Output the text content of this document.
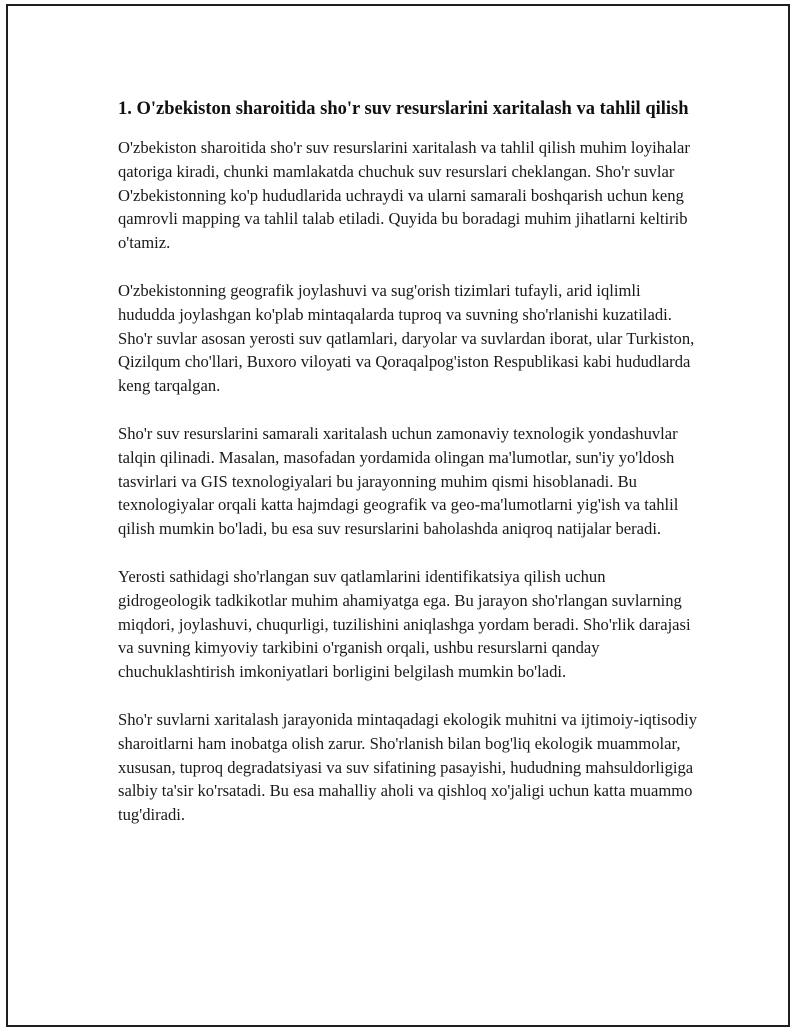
1. O'zbekiston sharoitida sho'r suv resurslarini xaritalash va tahlil qilish

O'zbekiston sharoitida sho'r suv resurslarini xaritalash va tahlil qilish muhim loyihalar qatoriga kiradi, chunki mamlakatda chuchuk suv resurslari cheklangan. Sho'r suvlar O'zbekistonning ko'p hududlarida uchraydi va ularni samarali boshqarish uchun keng qamrovli mapping va tahlil talab etiladi. Quyida bu boradagi muhim jihatlarni keltirib o'tamiz.

O'zbekistonning geografik joylashuvi va sug'orish tizimlari tufayli, arid iqlimli hududda joylashgan ko'plab mintaqalarda tuproq va suvning sho'rlanishi kuzatiladi. Sho'r suvlar asosan yerosti suv qatlamlari, daryolar va suvlardan iborat, ular Turkiston, Qizilqum cho'llari, Buxoro viloyati va Qoraqalpog'iston Respublikasi kabi hududlarda keng tarqalgan.

Sho'r suv resurslarini samarali xaritalash uchun zamonaviy texnologik yondashuvlar talqin qilinadi. Masalan, masofadan yordamida olingan ma'lumotlar, sun'iy yo'ldosh tasvirlari va GIS texnologiyalari bu jarayonning muhim qismi hisoblanadi. Bu texnologiyalar orqali katta hajmdagi geografik va geo-ma'lumotlarni yig'ish va tahlil qilish mumkin bo'ladi, bu esa suv resurslarini baholashda aniqroq natijalar beradi.

Yerosti sathidagi sho'rlangan suv qatlamlarini identifikatsiya qilish uchun gidrogeologik tadkikotlar muhim ahamiyatga ega. Bu jarayon sho'rlangan suvlarning miqdori, joylashuvi, chuqurligi, tuzilishini aniqlashga yordam beradi. Sho'rlik darajasi va suvning kimyoviy tarkibini o'rganish orqali, ushbu resurslarni qanday chuchuklashtirish imkoniyatlari borligini belgilash mumkin bo'ladi.

Sho'r suvlarni xaritalash jarayonida mintaqadagi ekologik muhitni va ijtimoiy-iqtisodiy sharoitlarni ham inobatga olish zarur. Sho'rlanish bilan bog'liq ekologik muammolar, xususan, tuproq degradatsiyasi va suv sifatining pasayishi, hududning mahsuldorligiga salbiy ta'sir ko'rsatadi. Bu esa mahalliy aholi va qishloq xo'jaligi uchun katta muammo tug'diradi.
